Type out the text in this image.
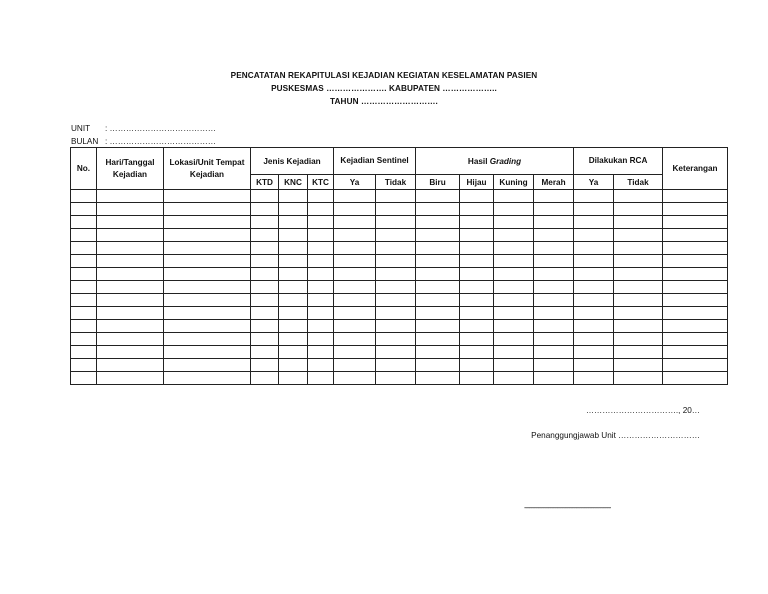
PENCATATAN REKAPITULASI KEJADIAN KEGIATAN KESELAMATAN PASIEN
PUSKESMAS …………………. KABUPATEN ………………..
TAHUN ……………………….
UNIT : …………………………………
BULAN : …………………………………
No.	Hari/Tanggal Kejadian	Lokasi/Unit Tempat Kejadian	Jenis Kejadian			Kejadian Sentinel		Hasil Grading				Dilakukan RCA		Keterangan
			KTD	KNC	KTC	Ya	Tidak	Biru	Hijau	Kuning	Merah	Ya	Tidak	

……………………………., 20…
Penanggungjawab Unit …………………………
--------------------------------------------------
